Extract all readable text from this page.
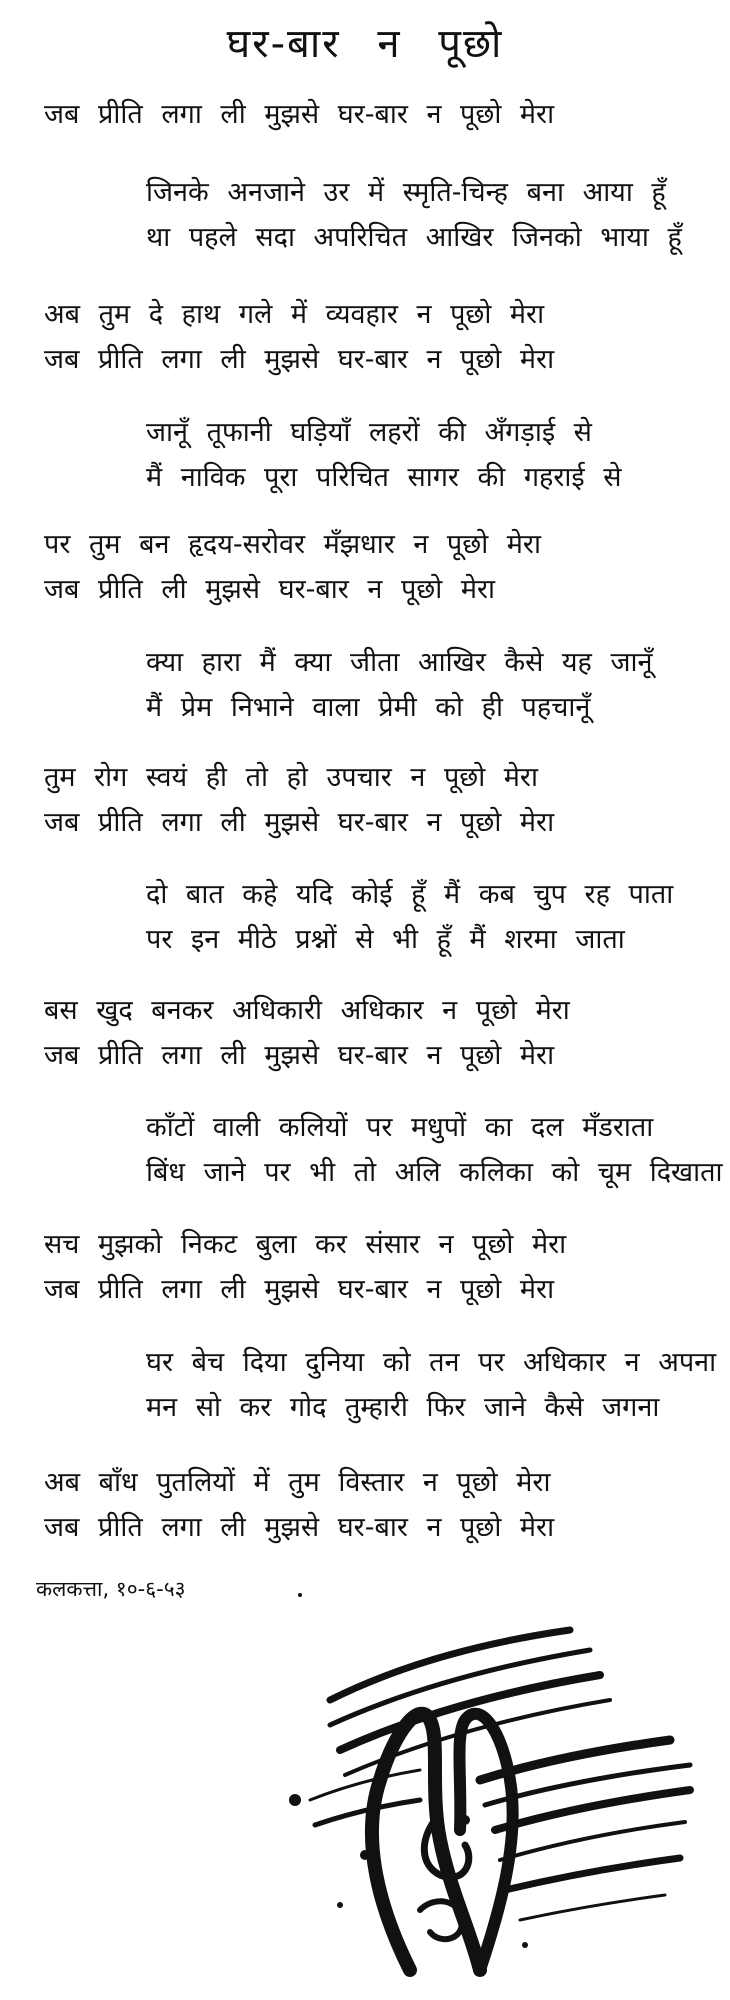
घर-बार न पूछो
जब प्रीति लगा ली मुझसे घर-बार न पूछो मेरा
जिनके अनजाने उर में स्मृति-चिन्ह बना आया हूँ
था पहले सदा अपरिचित आखिर जिनको भाया हूँ
अब तुम दे हाथ गले में व्यवहार न पूछो मेरा
जब प्रीति लगा ली मुझसे घर-बार न पूछो मेरा
जानूँ तूफानी घड़ियाँ लहरों की अँगड़ाई से
मैं नाविक पूरा परिचित सागर की गहराई से
पर तुम बन हृदय-सरोवर मँझधार न पूछो मेरा
जब प्रीति ली मुझसे घर-बार न पूछो मेरा
क्या हारा मैं क्या जीता आखिर कैसे यह जानूँ
मैं प्रेम निभाने वाला प्रेमी को ही पहचानूँ
तुम रोग स्वयं ही तो हो उपचार न पूछो मेरा
जब प्रीति लगा ली मुझसे घर-बार न पूछो मेरा
दो बात कहे यदि कोई हूँ मैं कब चुप रह पाता
पर इन मीठे प्रश्नों से भी हूँ मैं शरमा जाता
बस खुद बनकर अधिकारी अधिकार न पूछो मेरा
जब प्रीति लगा ली मुझसे घर-बार न पूछो मेरा
काँटों वाली कलियों पर मधुपों का दल मँडराता
बिंध जाने पर भी तो अलि कलिका को चूम दिखाता
सच मुझको निकट बुला कर संसार न पूछो मेरा
जब प्रीति लगा ली मुझसे घर-बार न पूछो मेरा
घर बेच दिया दुनिया को तन पर अधिकार न अपना
मन सो कर गोद तुम्हारी फिर जाने कैसे जगना
अब बाँध पुतलियों में तुम विस्तार न पूछो मेरा
जब प्रीति लगा ली मुझसे घर-बार न पूछो मेरा

कलकत्ता, १०-६-५३
